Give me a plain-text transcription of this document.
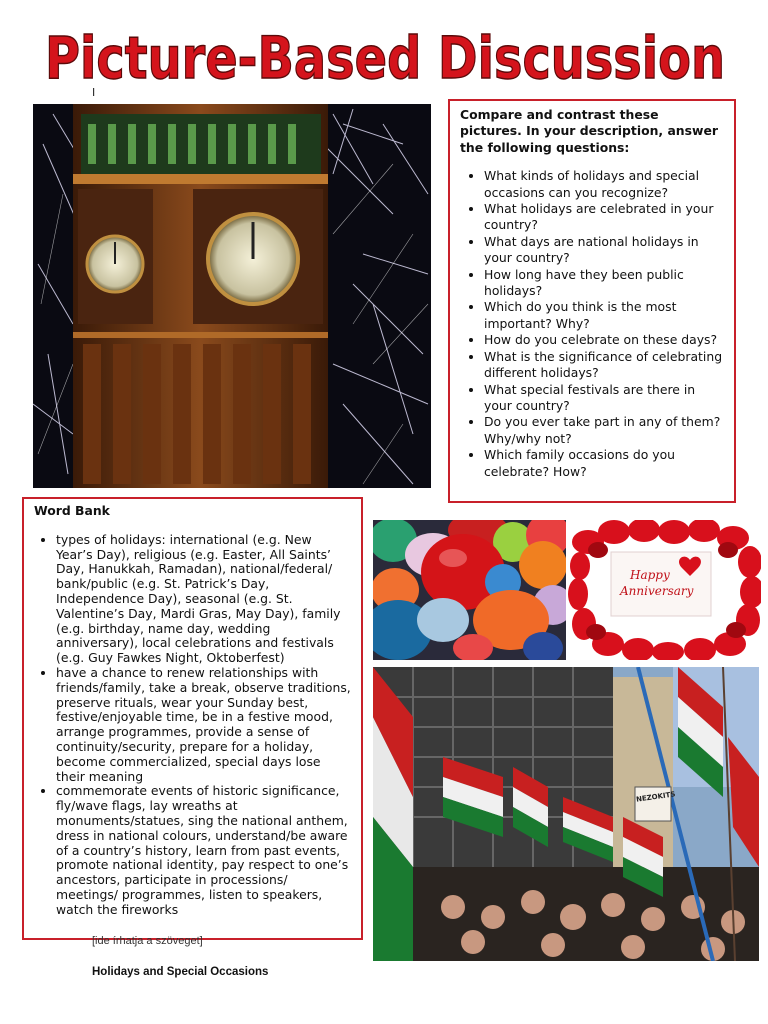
Picture-Based Discussion
I

Compare and contrast these pictures. In your description, answer the following questions:

• What kinds of holidays and special occasions can you recognize?
• What holidays are celebrated in your country?
• What days are national holidays in your country?
• How long have they been public holidays?
• Which do you think is the most important? Why?
• How do you celebrate on these days?
• What is the significance of celebrating different holidays?
• What special festivals are there in your country?
• Do you ever take part in any of them? Why/why not?
• Which family occasions do you celebrate? How?

Word Bank

• types of holidays: international (e.g. New Year’s Day), religious (e.g. Easter, All Saints’ Day, Hanukkah, Ramadan), national/federal/ bank/public (e.g. St. Patrick’s Day, Independence Day), seasonal (e.g. St. Valentine’s Day, Mardi Gras, May Day), family (e.g. birthday, name day, wedding anniversary), local celebrations and festivals (e.g. Guy Fawkes Night, Oktoberfest)
• have a chance to renew relationships with friends/family, take a break, observe traditions, preserve rituals, wear your Sunday best, festive/enjoyable time, be in a festive mood, arrange programmes, provide a sense of continuity/security, prepare for a holiday, become commercialized, special days lose their meaning
• commemorate events of historic significance, fly/wave flags, lay wreaths at monuments/statues, sing the national anthem, dress in national colours, understand/be aware of a country’s history, learn from past events, promote national identity, pay respect to one’s ancestors, participate in processions/ meetings/ programmes, listen to speakers, watch the fireworks
Happy
Anniversary
NEZOKITS
[ide írhatja a szöveget]
Holidays and Special Occasions
